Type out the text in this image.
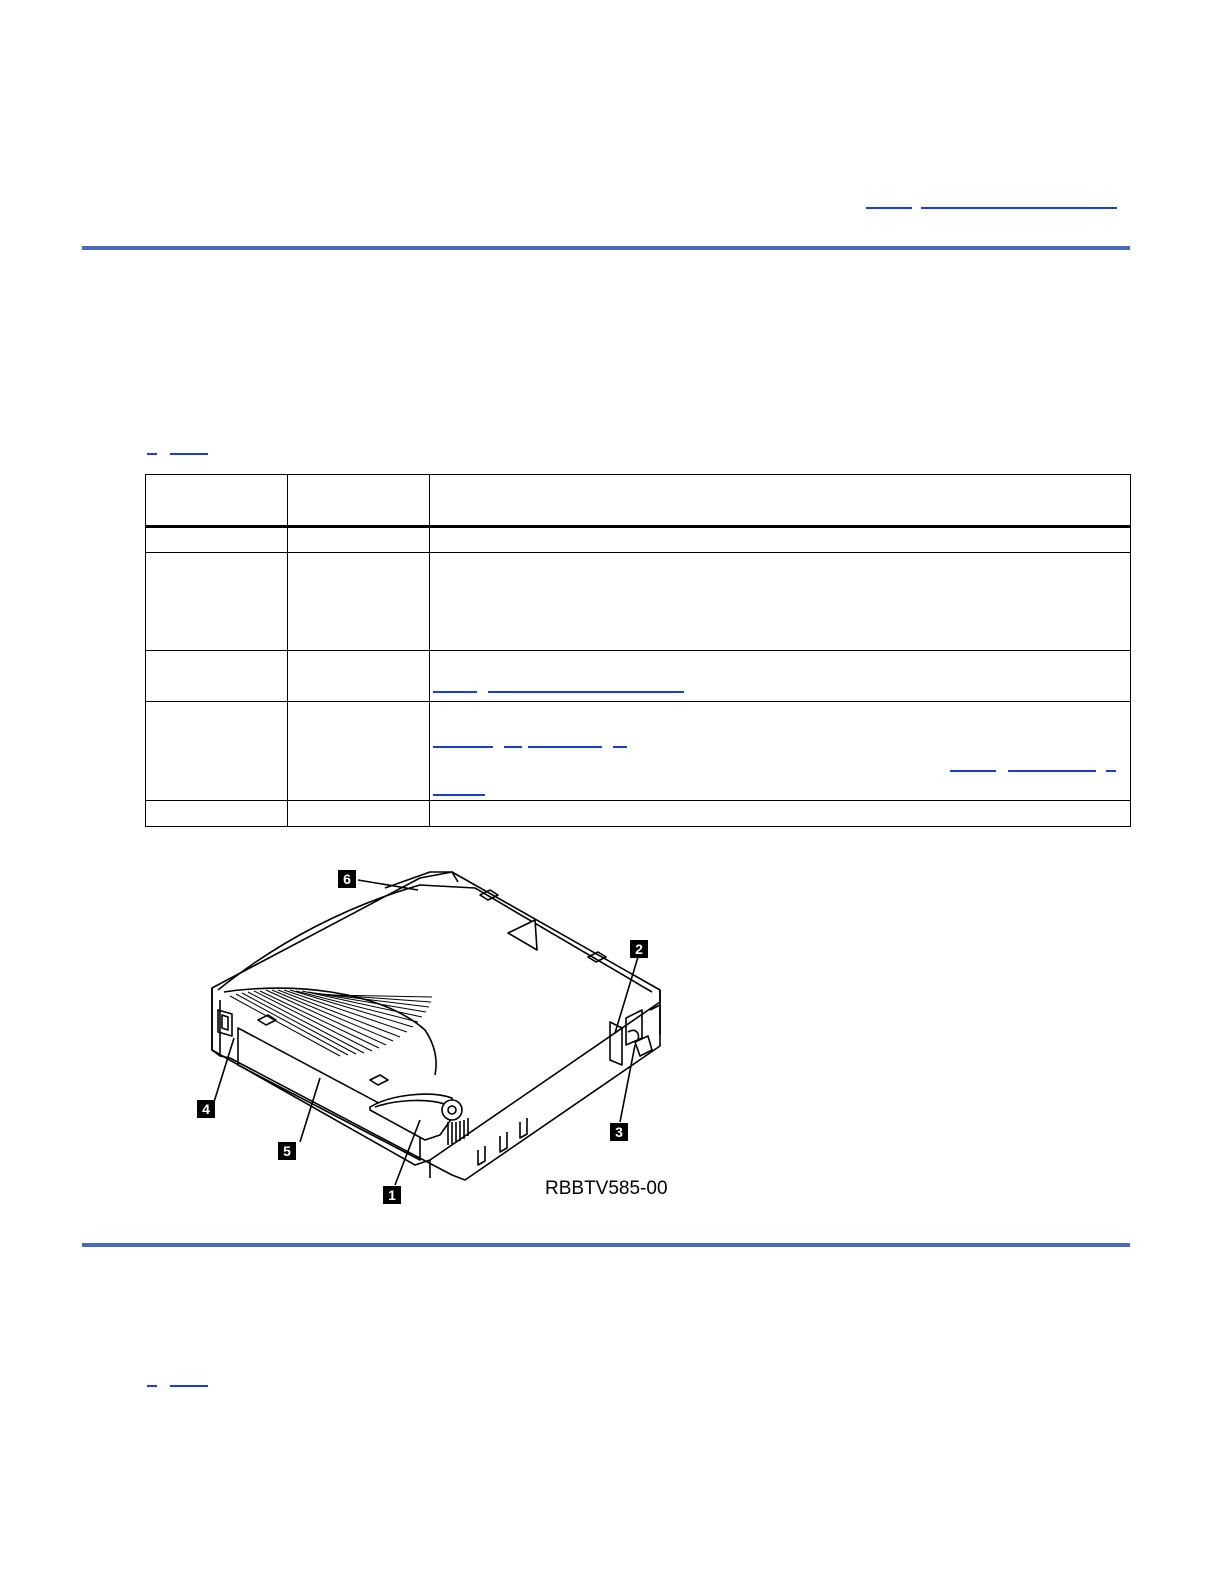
6
2
3
4
5
1	RBBTV585-00
